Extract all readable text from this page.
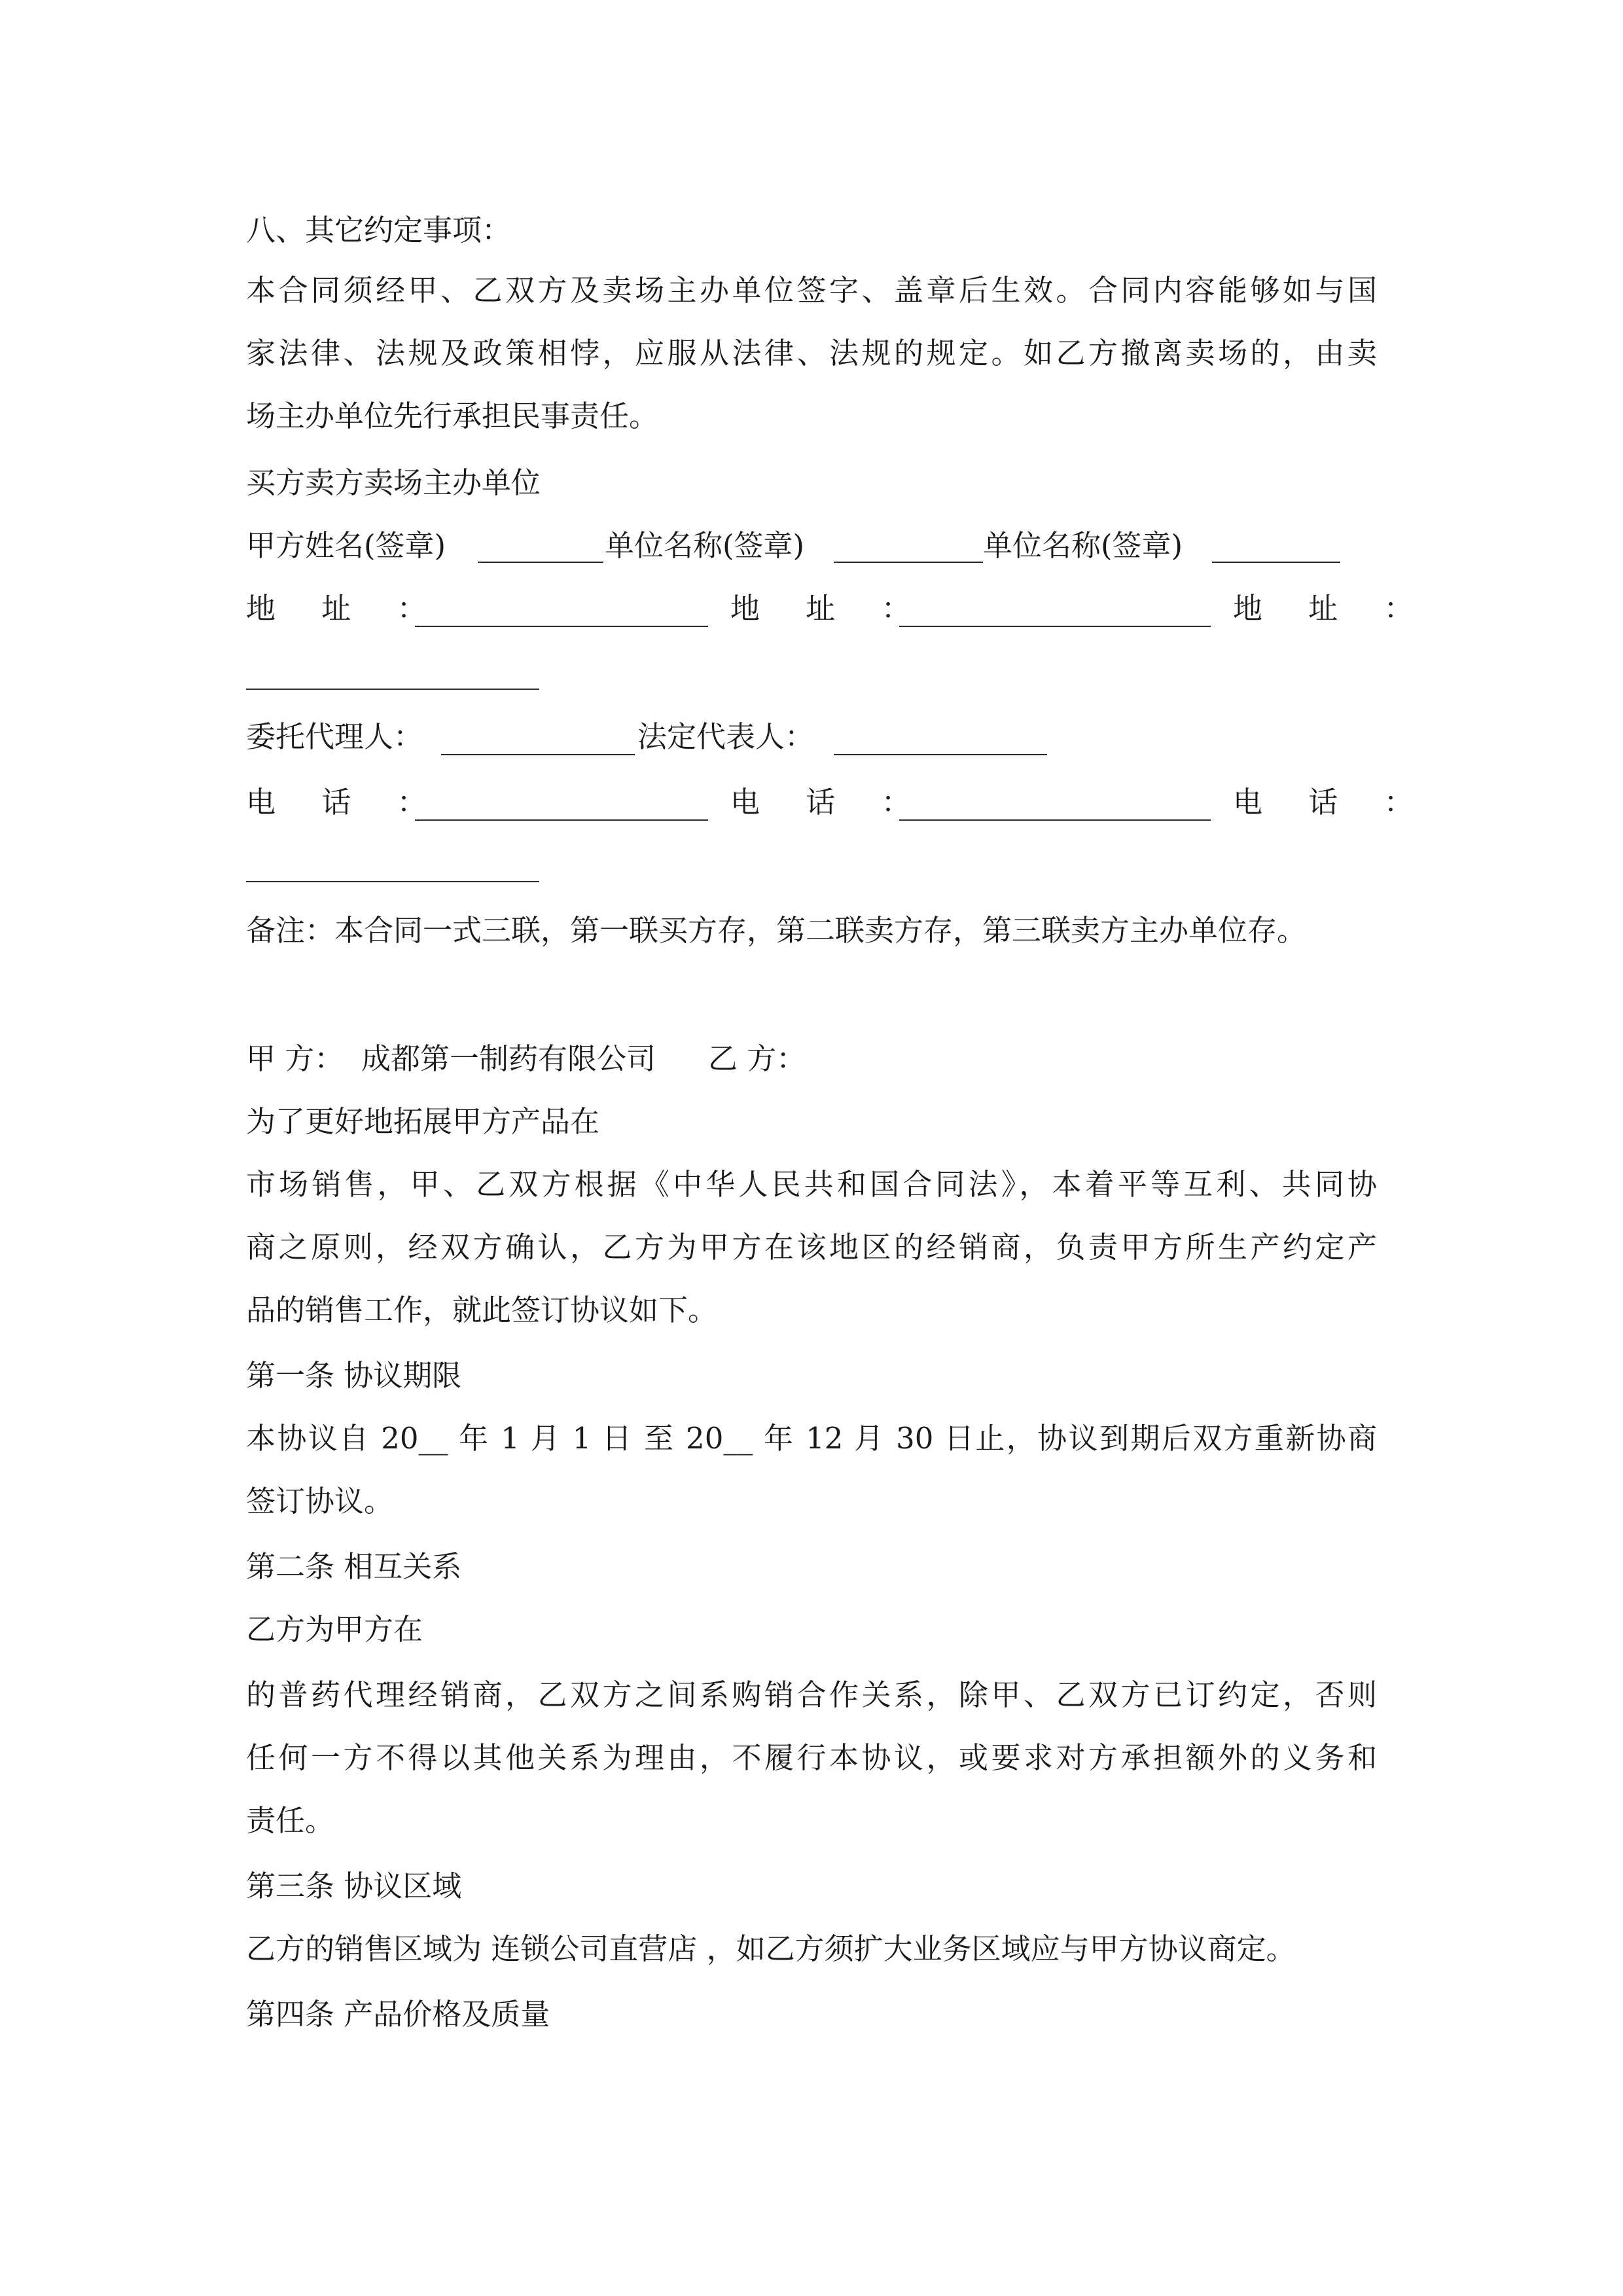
八、其它约定事项：
本合同须经甲、乙双方及卖场主办单位签字、盖章后生效。合同内容能够如与国
家法律、法规及政策相悖，应服从法律、法规的规定。如乙方撤离卖场的，由卖
场主办单位先行承担民事责任。
买方卖方卖场主办单位
甲方姓名(签章)	单位名称(签章)	单位名称(签章)
地 址 ：	地 址 ：	地 址 ：
委托代理人：	法定代表人：
电 话 ：	电 话 ：	电 话 ：
备注：本合同一式三联，第一联买方存，第二联卖方存，第三联卖方主办单位存。
甲 方： 成都第一制药有限公司 乙 方：
为了更好地拓展甲方产品在
市场销售，甲、乙双方根据《中华人民共和国合同法》，本着平等互利、共同协
商之原则，经双方确认，乙方为甲方在该地区的经销商，负责甲方所生产约定产
品的销售工作，就此签订协议如下。
第一条 协议期限
本协议自 20__ 年 1 月 1 日 至 20__ 年 12 月 30 日止，协议到期后双方重新协商
签订协议。
第二条 相互关系
乙方为甲方在
的普药代理经销商，乙双方之间系购销合作关系，除甲、乙双方已订约定，否则
任何一方不得以其他关系为理由，不履行本协议，或要求对方承担额外的义务和
责任。
第三条 协议区域
乙方的销售区域为 连锁公司直营店 ，如乙方须扩大业务区域应与甲方协议商定。
第四条 产品价格及质量
